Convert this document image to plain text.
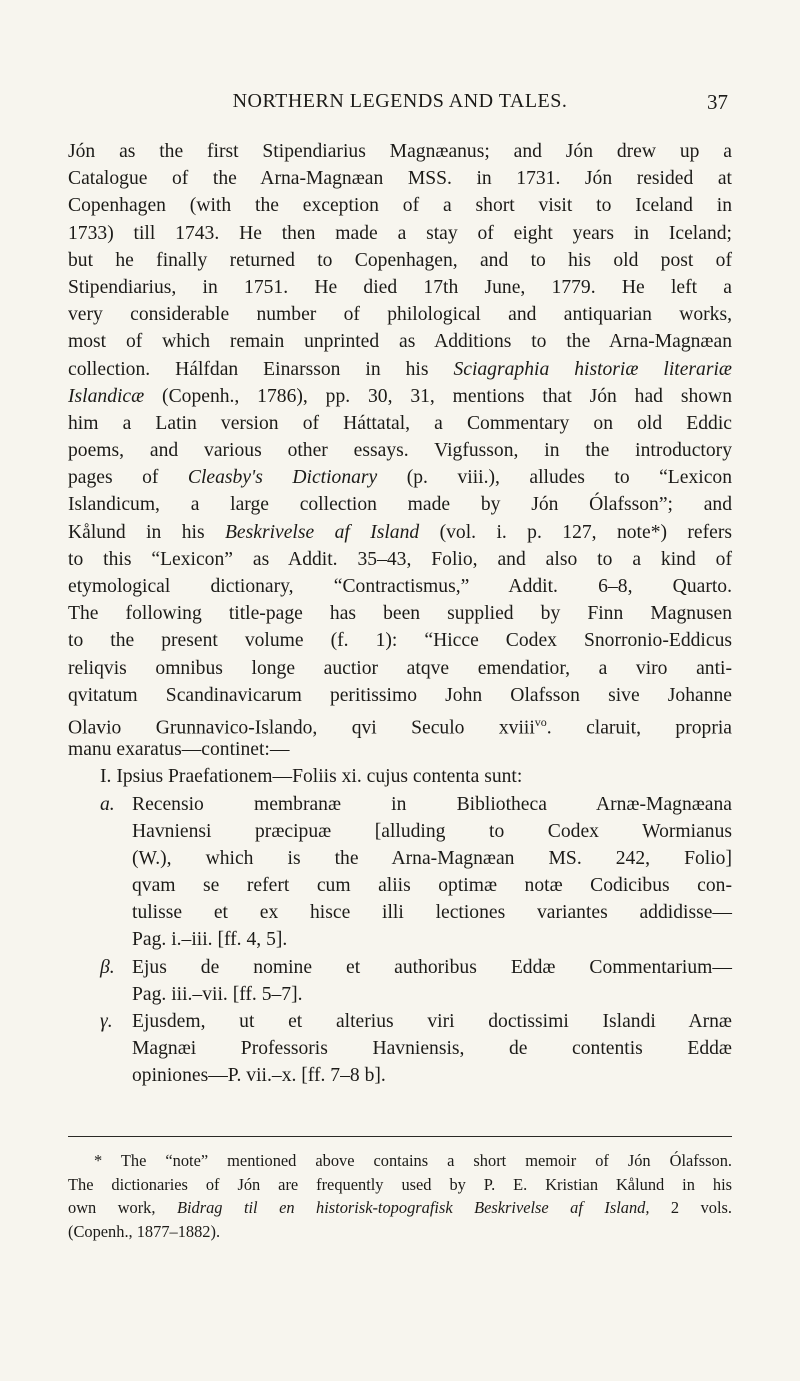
NORTHERN LEGENDS AND TALES.	37
Jón as the first Stipendiarius Magnæanus; and Jón drew up a
Catalogue of the Arna-Magnæan MSS. in 1731. Jón resided at
Copenhagen (with the exception of a short visit to Iceland in
1733) till 1743. He then made a stay of eight years in Iceland;
but he finally returned to Copenhagen, and to his old post of
Stipendiarius, in 1751. He died 17th June, 1779. He left a
very considerable number of philological and antiquarian works,
most of which remain unprinted as Additions to the Arna-Magnæan
collection. Hálfdan Einarsson in his Sciagraphia historiæ literariæ
Islandicæ (Copenh., 1786), pp. 30, 31, mentions that Jón had shown
him a Latin version of Háttatal, a Commentary on old Eddic
poems, and various other essays. Vigfusson, in the introductory
pages of Cleasby's Dictionary (p. viii.), alludes to “Lexicon
Islandicum, a large collection made by Jón Ólafsson”; and
Kålund in his Beskrivelse af Island (vol. i. p. 127, note*) refers
to this “Lexicon” as Addit. 35–43, Folio, and also to a kind of
etymological dictionary, “Contractismus,” Addit. 6–8, Quarto.
The following title-page has been supplied by Finn Magnusen
to the present volume (f. 1): “Hicce Codex Snorronio-Eddicus
reliqvis omnibus longe auctior atqve emendatior, a viro anti-
qvitatum Scandinavicarum peritissimo John Olafsson sive Johanne
Olavio Grunnavico-Islando, qvi Seculo xviii$^{vo}$. claruit, propria
manu exaratus—continet:—
I. Ipsius Praefationem—Foliis xi. cujus contenta sunt:
a. Recensio membranæ in Bibliotheca Arnæ-Magnæana
Havniensi præcipuæ [alluding to Codex Wormianus
(W.), which is the Arna-Magnæan MS. 242, Folio]
qvam se refert cum aliis optimæ notæ Codicibus con-
tulisse et ex hisce illi lectiones variantes addidisse—
Pag. i.–iii. [ff. 4, 5].
β. Ejus de nomine et authoribus Eddæ Commentarium—
Pag. iii.–vii. [ff. 5–7].
γ. Ejusdem, ut et alterius viri doctissimi Islandi Arnæ
Magnæi Professoris Havniensis, de contentis Eddæ
opiniones—P. vii.–x. [ff. 7–8 b].
* The “note” mentioned above contains a short memoir of Jón Ólafsson.
The dictionaries of Jón are frequently used by P. E. Kristian Kålund in his
own work, Bidrag til en historisk-topografisk Beskrivelse af Island, 2 vols.
(Copenh., 1877–1882).
